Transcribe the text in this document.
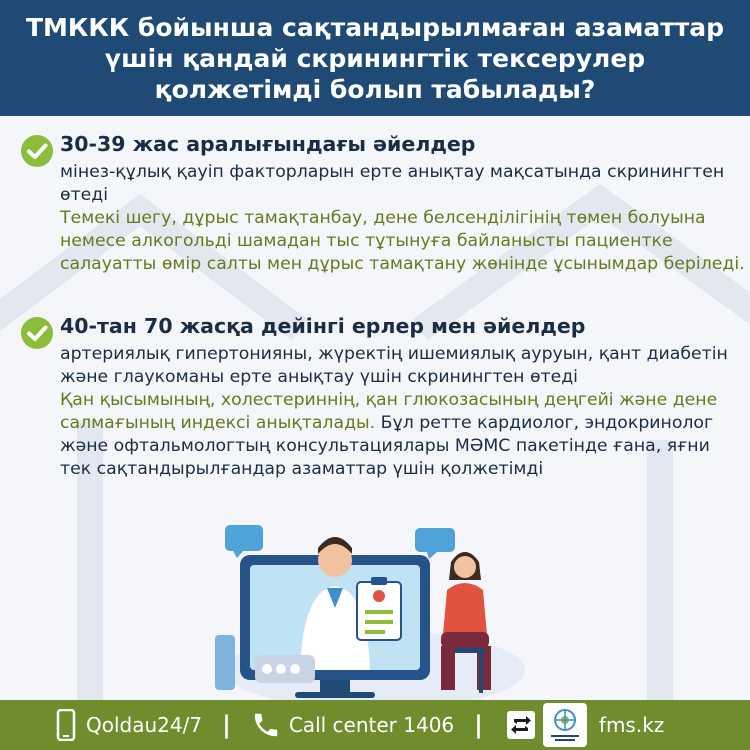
ТМККК бойынша сақтандырылмаған азаматтар үшін қандай скринингтік тексерулер қолжетімді болып табылады?
30-39 жас аралығындағы әйелдер

мінез-құлық қауіп факторларын ерте анықтау мақсатында скринингтен өтеді

Темекі шегу, дұрыс тамақтанбау, дене белсенділігінің төмен болуына немесе алкогольді шамадан тыс тұтынуға байланысты пациентке салауатты өмір салты мен дұрыс тамақтану жөнінде ұсынымдар беріледі.

40-тан 70 жасқа дейінгі ерлер мен әйелдер

артериялық гипертонияны, жүректің ишемиялық ауруын, қант диабетін және глаукоманы ерте анықтау үшін скринингтен өтеді

Қан қысымының, холестериннің, қан глюкозасының деңгейі және дене салмағының индексі анықталады. Бұл ретте кардиолог, эндокринолог және офтальмологтың консультациялары МӘМС пакетінде ғана, яғни тек сақтандырылғандар азаматтар үшін қолжетімді

Qoldau24/7 |	Call center 1406 |	fms.kz
